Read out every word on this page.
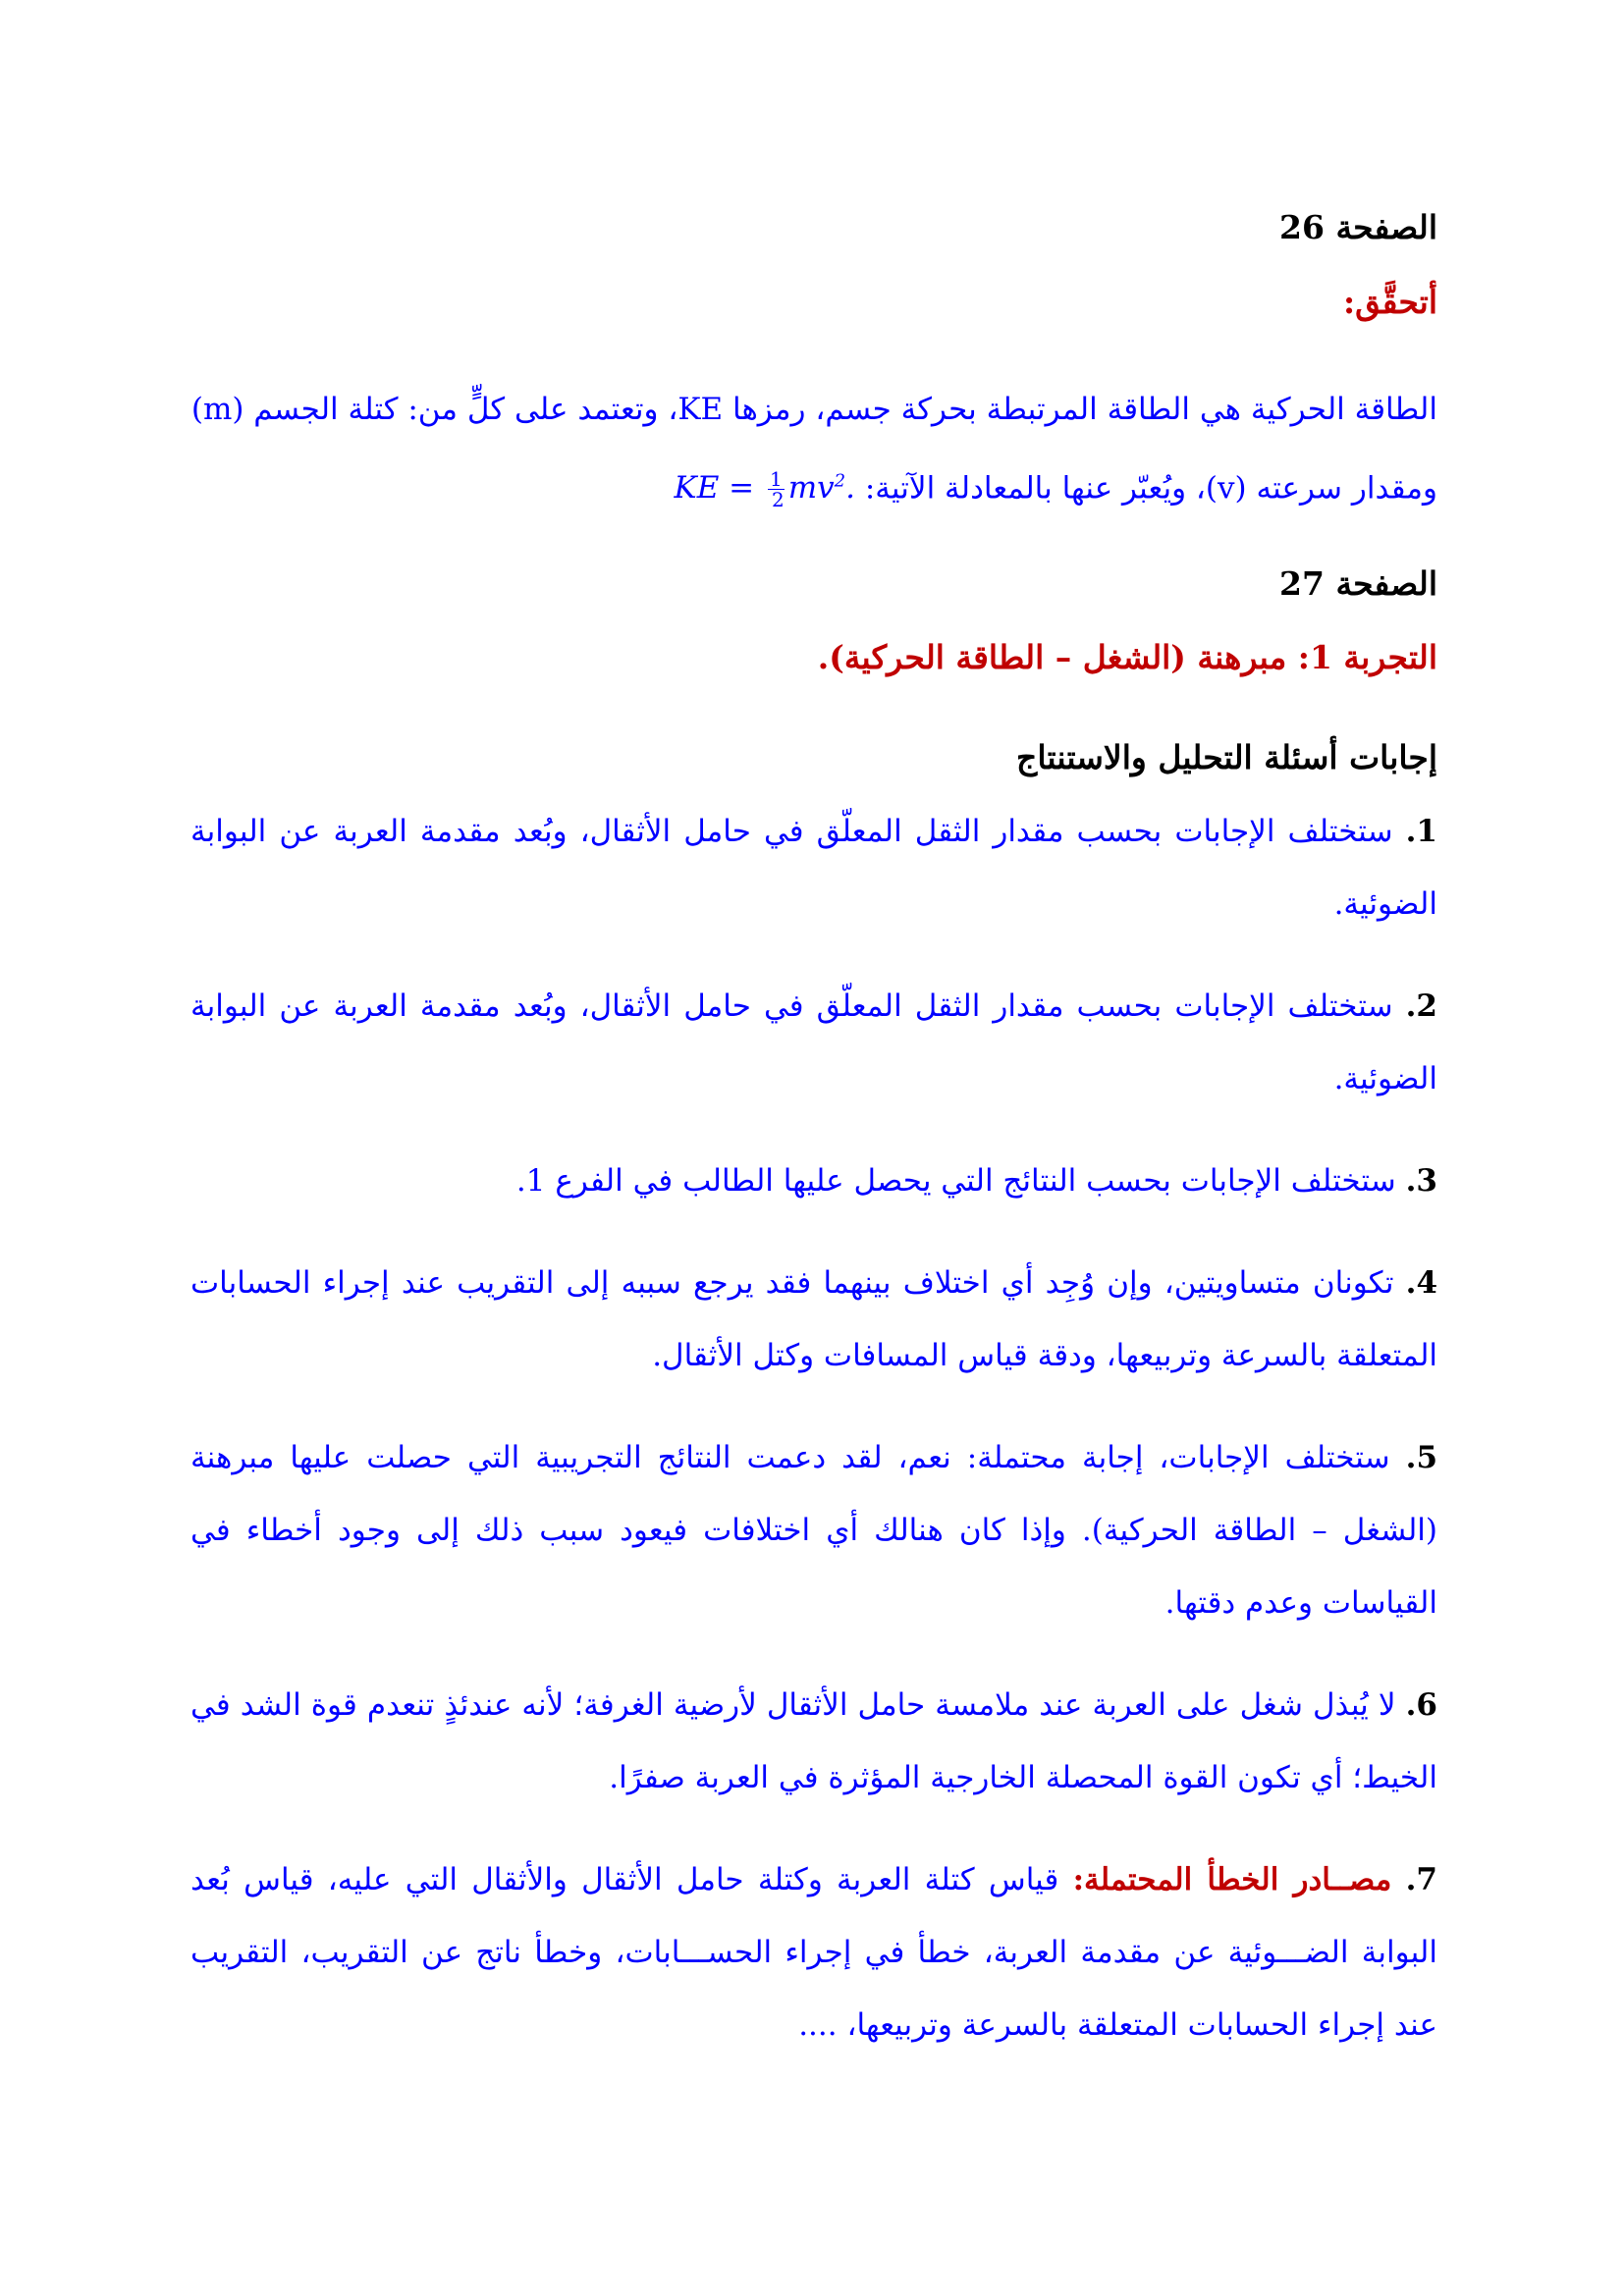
الصفحة 26
أتحقَّق:
الطاقة الحركية هي الطاقة المرتبطة بحركة جسم، رمزها KE، وتعتمد على كلٍّ من: كتلة الجسم (m)
ومقدار سرعته (v)، ويُعبّر عنها بالمعادلة الآتية: KE = $\frac{1}{2} mv^2$.
الصفحة 27
التجربة 1: مبرهنة (الشغل – الطاقة الحركية).
إجابات أسئلة التحليل والاستنتاج
1. ستختلف الإجابات بحسب مقدار الثقل المعلّق في حامل الأثقال، وبُعد مقدمة العربة عن البوابة الضوئية.
2. ستختلف الإجابات بحسب مقدار الثقل المعلّق في حامل الأثقال، وبُعد مقدمة العربة عن البوابة الضوئية.
3. ستختلف الإجابات بحسب النتائج التي يحصل عليها الطالب في الفرع 1.
4. تكونان متساويتين، وإن وُجِد أي اختلاف بينهما فقد يرجع سببه إلى التقريب عند إجراء الحسابات المتعلقة بالسرعة وتربيعها، ودقة قياس المسافات وكتل الأثقال.
5. ستختلف الإجابات، إجابة محتملة: نعم، لقد دعمت النتائج التجريبية التي حصلت عليها مبرهنة (الشغل – الطاقة الحركية). وإذا كان هنالك أي اختلافات فيعود سبب ذلك إلى وجود أخطاء في القياسات وعدم دقتها.
6. لا يُبذل شغل على العربة عند ملامسة حامل الأثقال لأرضية الغرفة؛ لأنه عندئذٍ تنعدم قوة الشد في الخيط؛ أي تكون القوة المحصلة الخارجية المؤثرة في العربة صفرًا.
7. مصــادر الخطأ المحتملة: قياس كتلة العربة وكتلة حامل الأثقال والأثقال التي عليه، قياس بُعد البوابة الضـــوئية عن مقدمة العربة، خطأ في إجراء الحســـابات، وخطأ ناتج عن التقريب، التقريب عند إجراء الحسابات المتعلقة بالسرعة وتربيعها، ....
